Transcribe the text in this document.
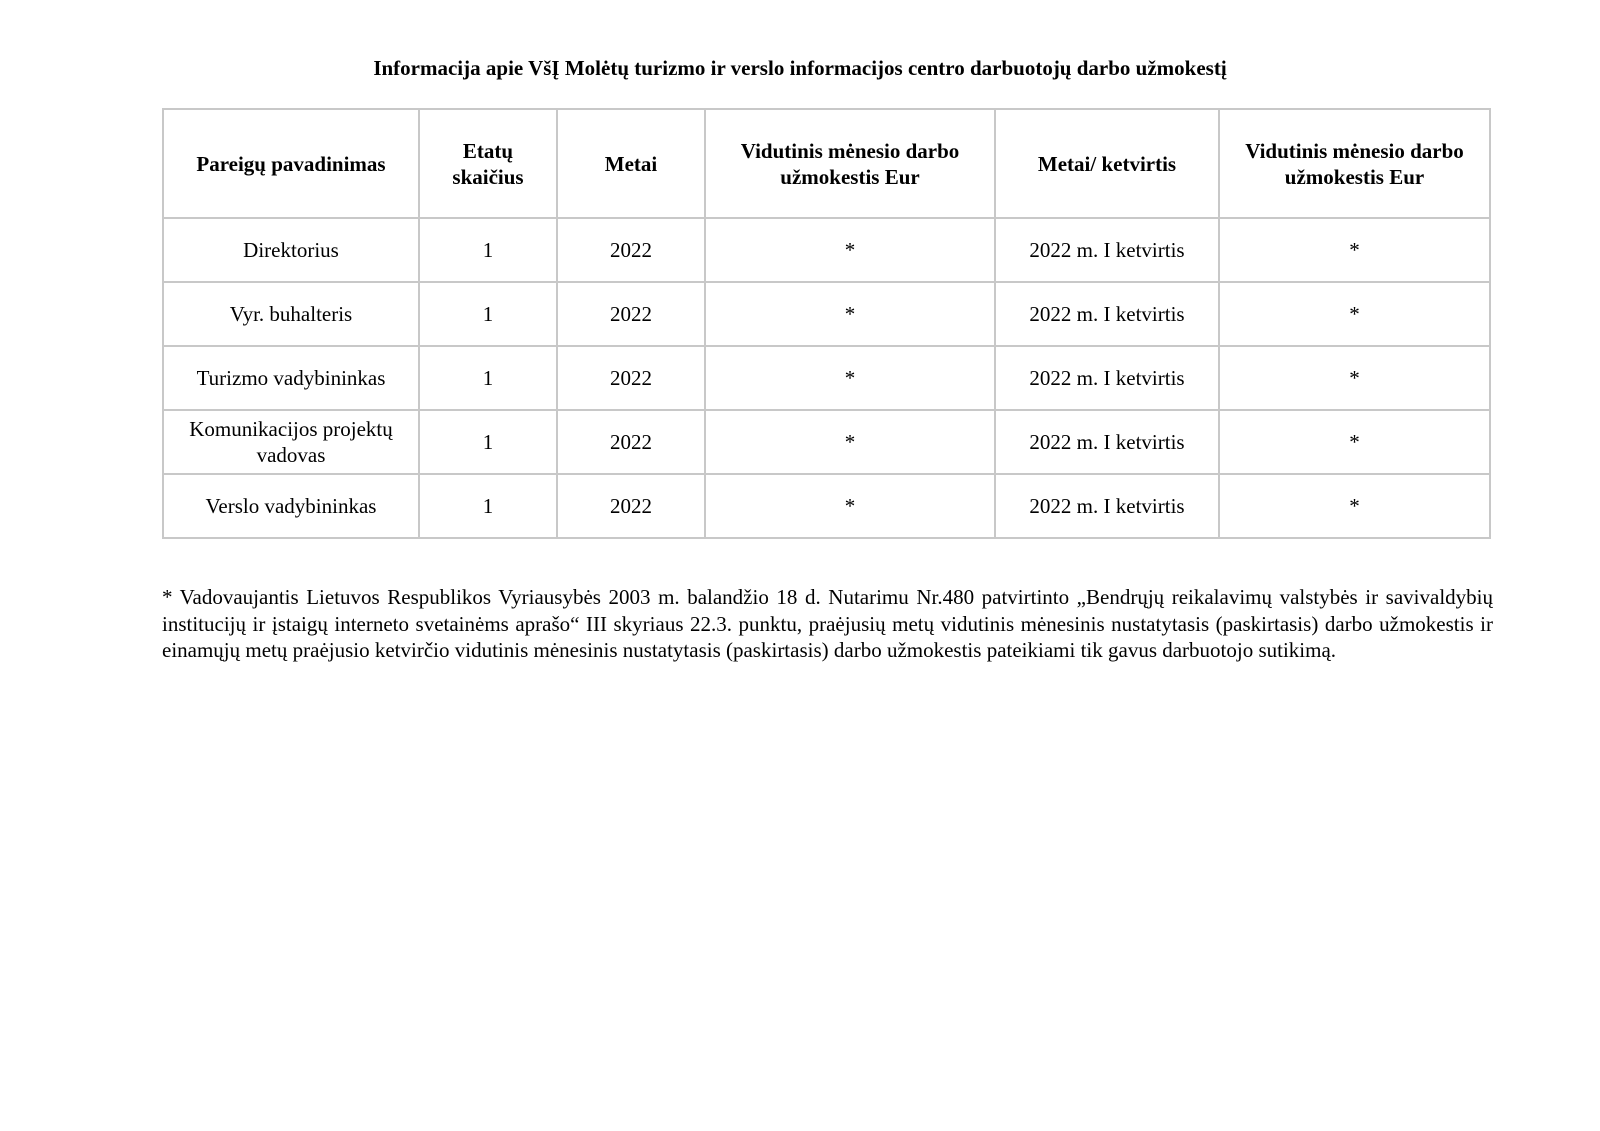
Informacija apie VšĮ Molėtų turizmo ir verslo informacijos centro darbuotojų darbo užmokestį
Pareigų pavadinimas	Etatų skaičius	Metai	Vidutinis mėnesio darbo užmokestis Eur	Metai/ ketvirtis	Vidutinis mėnesio darbo užmokestis Eur
Direktorius	1	2022	*	2022 m. I ketvirtis	*
Vyr. buhalteris	1	2022	*	2022 m. I ketvirtis	*
Turizmo vadybininkas	1	2022	*	2022 m. I ketvirtis	*
Komunikacijos projektų vadovas	1	2022	*	2022 m. I ketvirtis	*
Verslo vadybininkas	1	2022	*	2022 m. I ketvirtis	*

* Vadovaujantis Lietuvos Respublikos Vyriausybės 2003 m. balandžio 18 d. Nutarimu Nr.480 patvirtinto „Bendrųjų reikalavimų valstybės ir savivaldybių institucijų ir įstaigų interneto svetainėms aprašo“ III skyriaus 22.3. punktu, praėjusių metų vidutinis mėnesinis nustatytasis (paskirtasis) darbo užmokestis ir einamųjų metų praėjusio ketvirčio vidutinis mėnesinis nustatytasis (paskirtasis) darbo užmokestis pateikiami tik gavus darbuotojo sutikimą.
